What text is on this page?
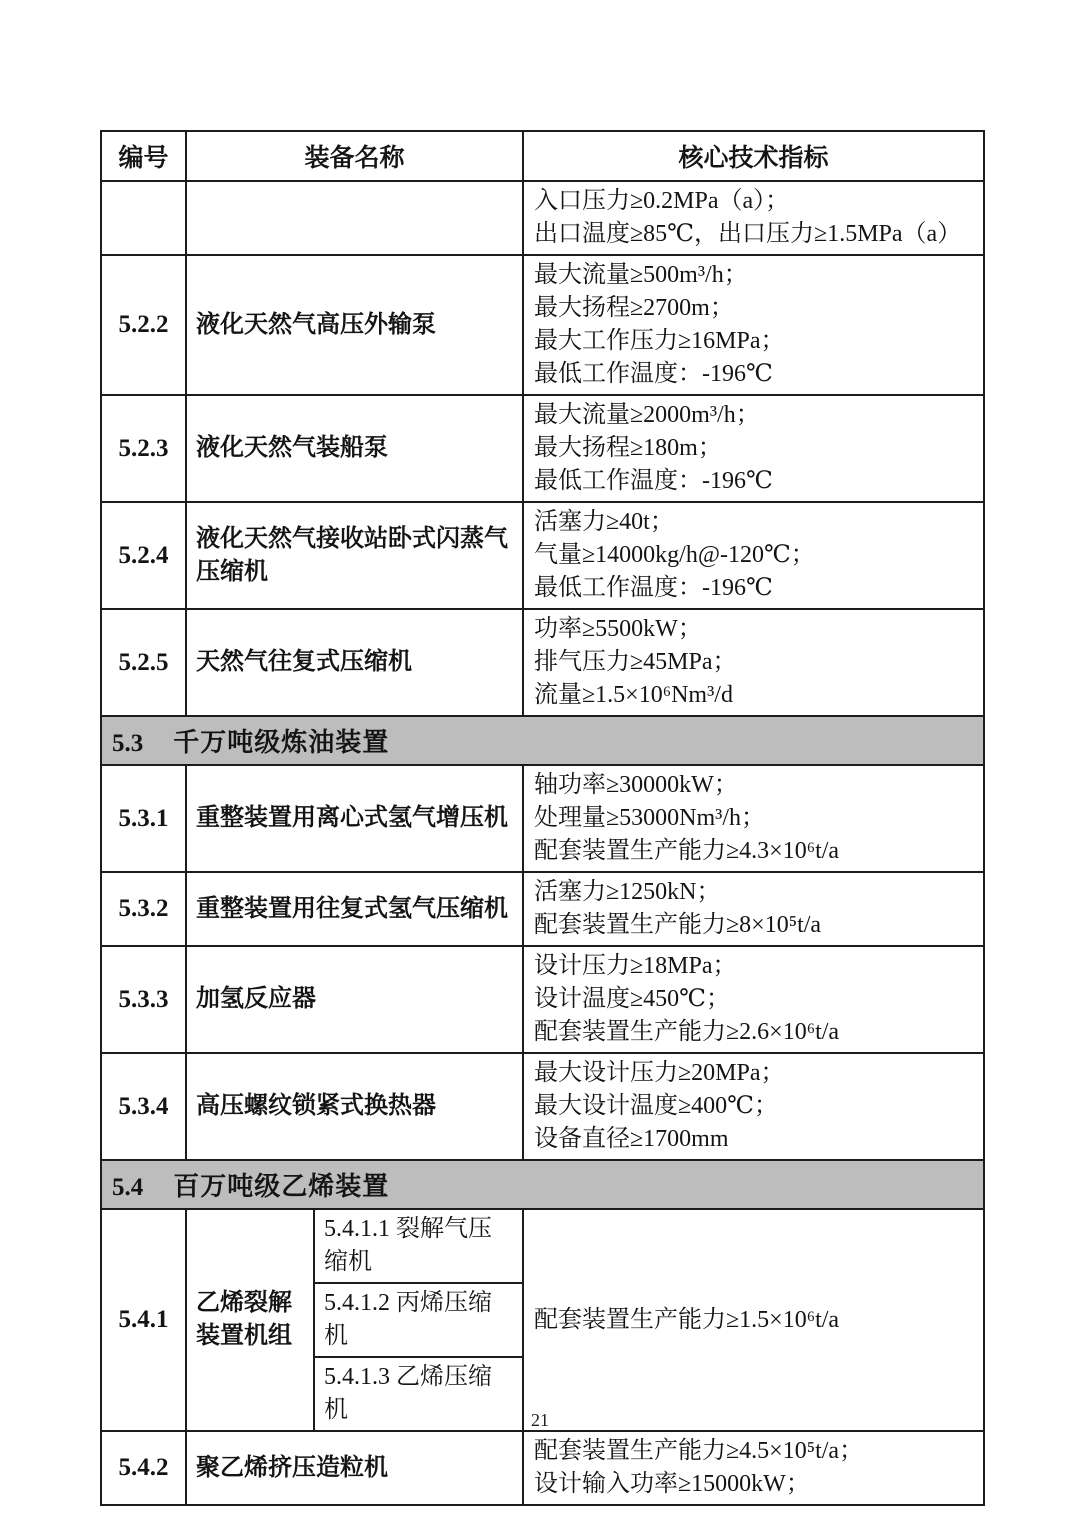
编号	装备名称		核心技术指标

			入口压力≥0.2MPa（a）；
出口温度≥85℃，出口压力≥1.5MPa（a）

5.2.2	液化天然气高压外输泵		最大流量≥500m³/h；
最大扬程≥2700m；
最大工作压力≥16MPa；
最低工作温度：-196℃

5.2.3	液化天然气装船泵		最大流量≥2000m³/h；
最大扬程≥180m；
最低工作温度：-196℃

5.2.4	液化天然气接收站卧式闪蒸气压缩机		活塞力≥40t；
气量≥14000kg/h@-120℃；
最低工作温度：-196℃

5.2.5	天然气往复式压缩机		功率≥5500kW；
排气压力≥45MPa；
流量≥1.5×10⁶Nm³/d

5.3 千万吨级炼油装置			
5.3.1	重整装置用离心式氢气增压机		轴功率≥30000kW；
处理量≥53000Nm³/h；
配套装置生产能力≥4.3×10⁶t/a

5.3.2	重整装置用往复式氢气压缩机		活塞力≥1250kN；
配套装置生产能力≥8×10⁵t/a

5.3.3	加氢反应器		设计压力≥18MPa；
设计温度≥450℃；
配套装置生产能力≥2.6×10⁶t/a

5.3.4	高压螺纹锁紧式换热器		最大设计压力≥20MPa；
最大设计温度≥400℃；
设备直径≥1700mm

5.4 百万吨级乙烯装置			
5.4.1	乙烯裂解装置机组	5.4.1.1 裂解气压缩机	配套装置生产能力≥1.5×10⁶t/a

		5.4.1.2 丙烯压缩机	
		5.4.1.3 乙烯压缩机	
5.4.2	聚乙烯挤压造粒机		配套装置生产能力≥4.5×10⁵t/a；
设计输入功率≥15000kW；
21
